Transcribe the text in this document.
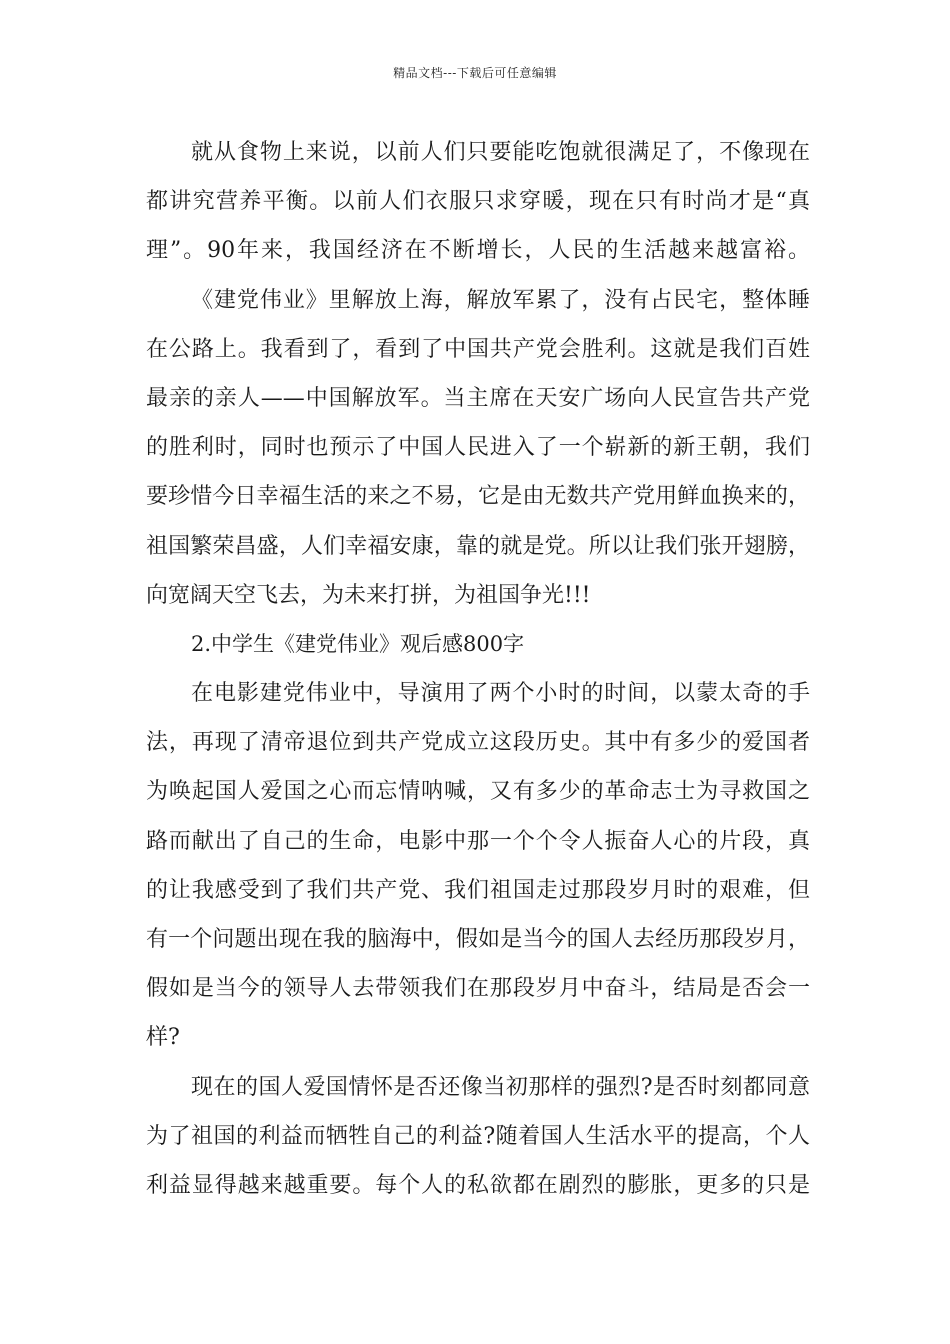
精品文档---下载后可任意编辑
就从食物上来说，以前人们只要能吃饱就很满足了，不像现在
都讲究营养平衡。以前人们衣服只求穿暖，现在只有时尚才是“真
理”。90年来，我国经济在不断增长，人民的生活越来越富裕。
《建党伟业》里解放上海，解放军累了，没有占民宅，整体睡
在公路上。我看到了，看到了中国共产党会胜利。这就是我们百姓
最亲的亲人——中国解放军。当主席在天安广场向人民宣告共产党
的胜利时，同时也预示了中国人民进入了一个崭新的新王朝，我们
要珍惜今日幸福生活的来之不易，它是由无数共产党用鲜血换来的，
祖国繁荣昌盛，人们幸福安康，靠的就是党。所以让我们张开翅膀，
向宽阔天空飞去，为未来打拼，为祖国争光!!!
2.中学生《建党伟业》观后感800字
在电影建党伟业中，导演用了两个小时的时间，以蒙太奇的手
法，再现了清帝退位到共产党成立这段历史。其中有多少的爱国者
为唤起国人爱国之心而忘情呐喊，又有多少的革命志士为寻救国之
路而献出了自己的生命，电影中那一个个令人振奋人心的片段，真
的让我感受到了我们共产党、我们祖国走过那段岁月时的艰难，但
有一个问题出现在我的脑海中，假如是当今的国人去经历那段岁月，
假如是当今的领导人去带领我们在那段岁月中奋斗，结局是否会一
样?
现在的国人爱国情怀是否还像当初那样的强烈?是否时刻都同意
为了祖国的利益而牺牲自己的利益?随着国人生活水平的提高，个人
利益显得越来越重要。每个人的私欲都在剧烈的膨胀，更多的只是
